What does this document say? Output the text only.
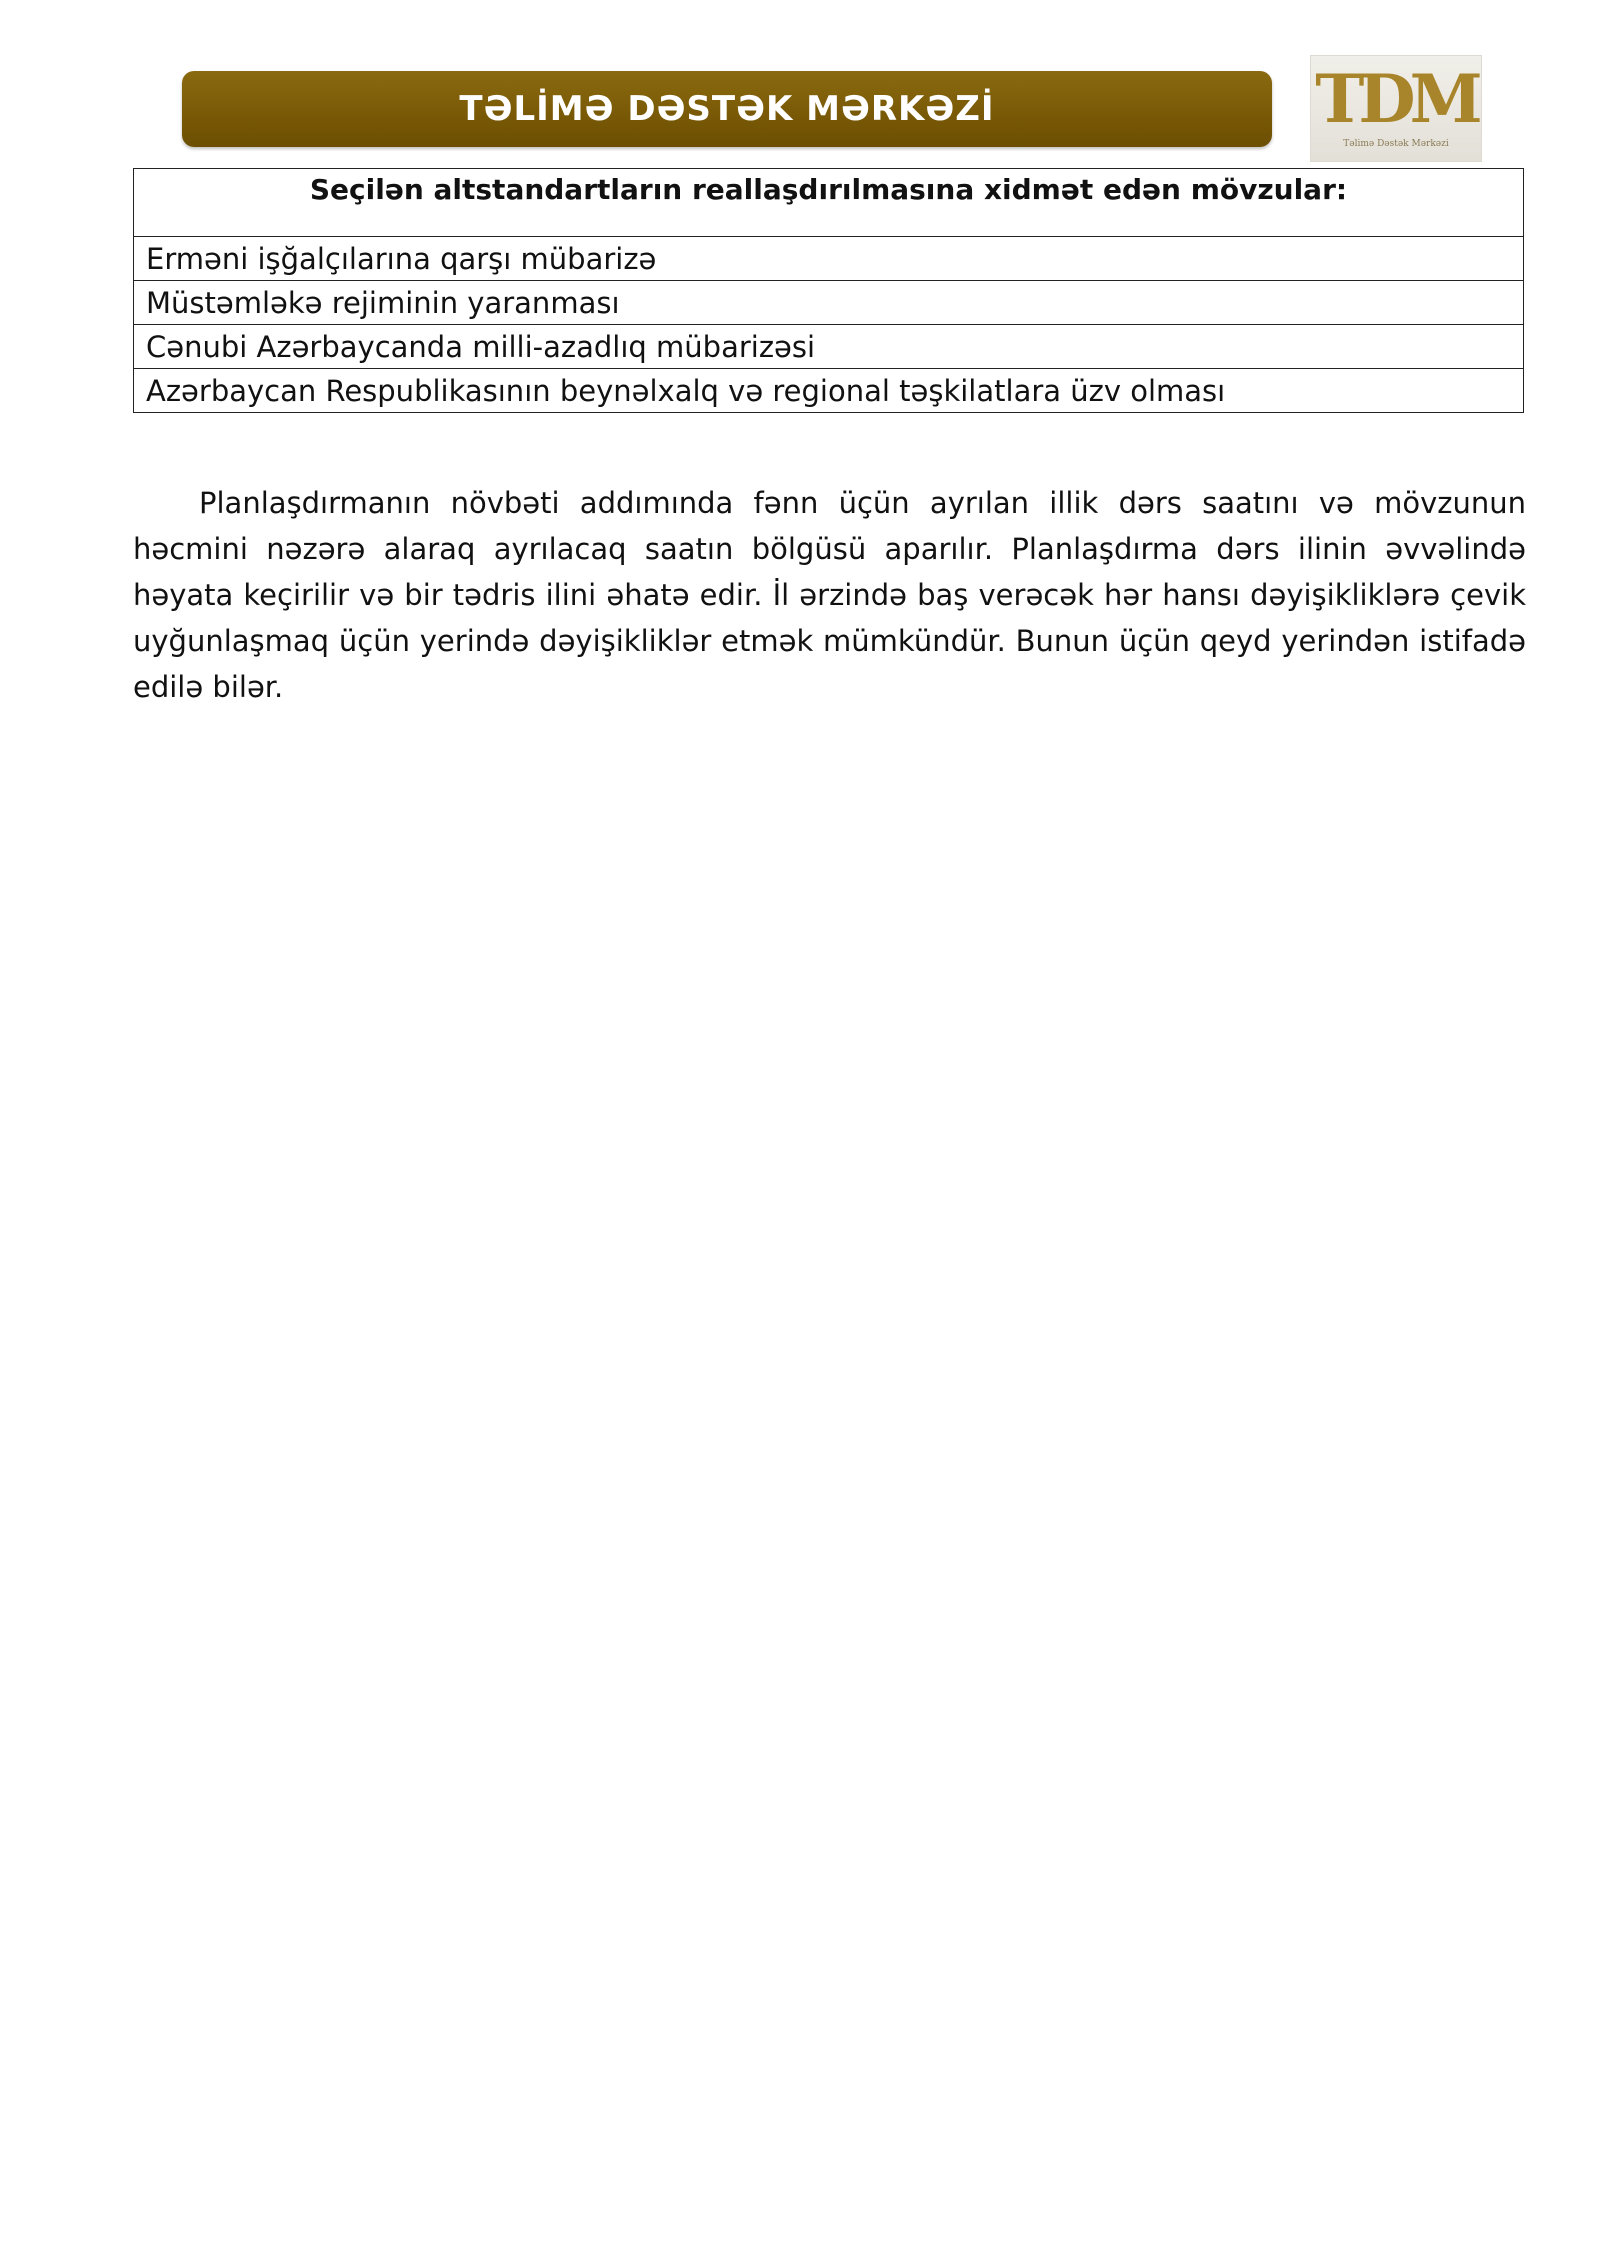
TƏLİMƏ DƏSTƏK MƏRKƏZİ	TDM
Təlimə Dəstək Mərkəzi
Seçilən altstandartların reallaşdırılmasına xidmət edən mövzular:
Erməni işğalçılarına qarşı mübarizə
Müstəmləkə rejiminin yaranması
Cənubi Azərbaycanda milli-azadlıq mübarizəsi
Azərbaycan Respublikasının beynəlxalq və regional təşkilatlara üzv olması

Planlaşdırmanın növbəti addımında fənn üçün ayrılan illik dərs saatını və mövzunun həcmini nəzərə alaraq ayrılacaq saatın bölgüsü aparılır. Planlaşdırma dərs ilinin əvvəlində həyata keçirilir və bir tədris ilini əhatə edir. İl ərzində baş verəcək hər hansı dəyişikliklərə çevik uyğunlaşmaq üçün yerində dəyişikliklər etmək mümkündür. Bunun üçün qeyd yerindən istifadə edilə bilər.
